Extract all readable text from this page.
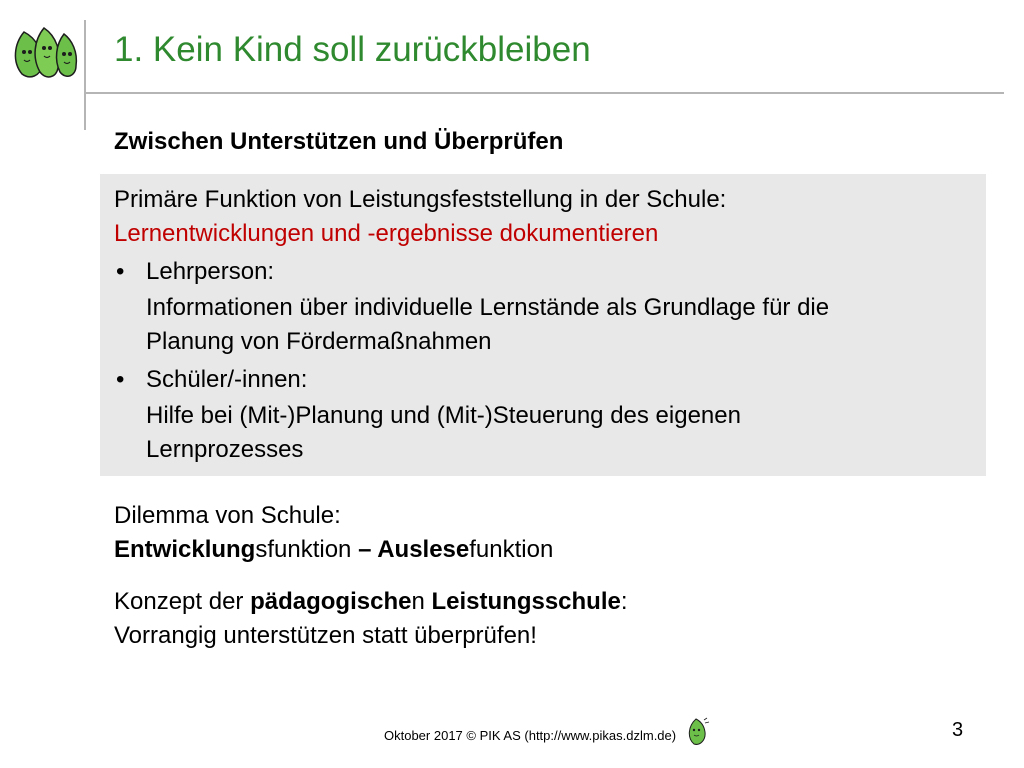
1. Kein Kind soll zurückbleiben
Zwischen Unterstützen und Überprüfen
Primäre Funktion von Leistungsfeststellung in der Schule:
Lernentwicklungen und -ergebnisse dokumentieren
• Lehrperson:
Informationen über individuelle Lernstände als Grundlage für die
Planung von Fördermaßnahmen
• Schüler/-innen:
Hilfe bei (Mit-)Planung und (Mit-)Steuerung des eigenen
Lernprozesses
Dilemma von Schule:
Entwicklungsfunktion – Auslesefunktion
Konzept der pädagogischen Leistungsschule:
Vorrangig unterstützen statt überprüfen!
Oktober 2017 © PIK AS (http://www.pikas.dzlm.de)	3
